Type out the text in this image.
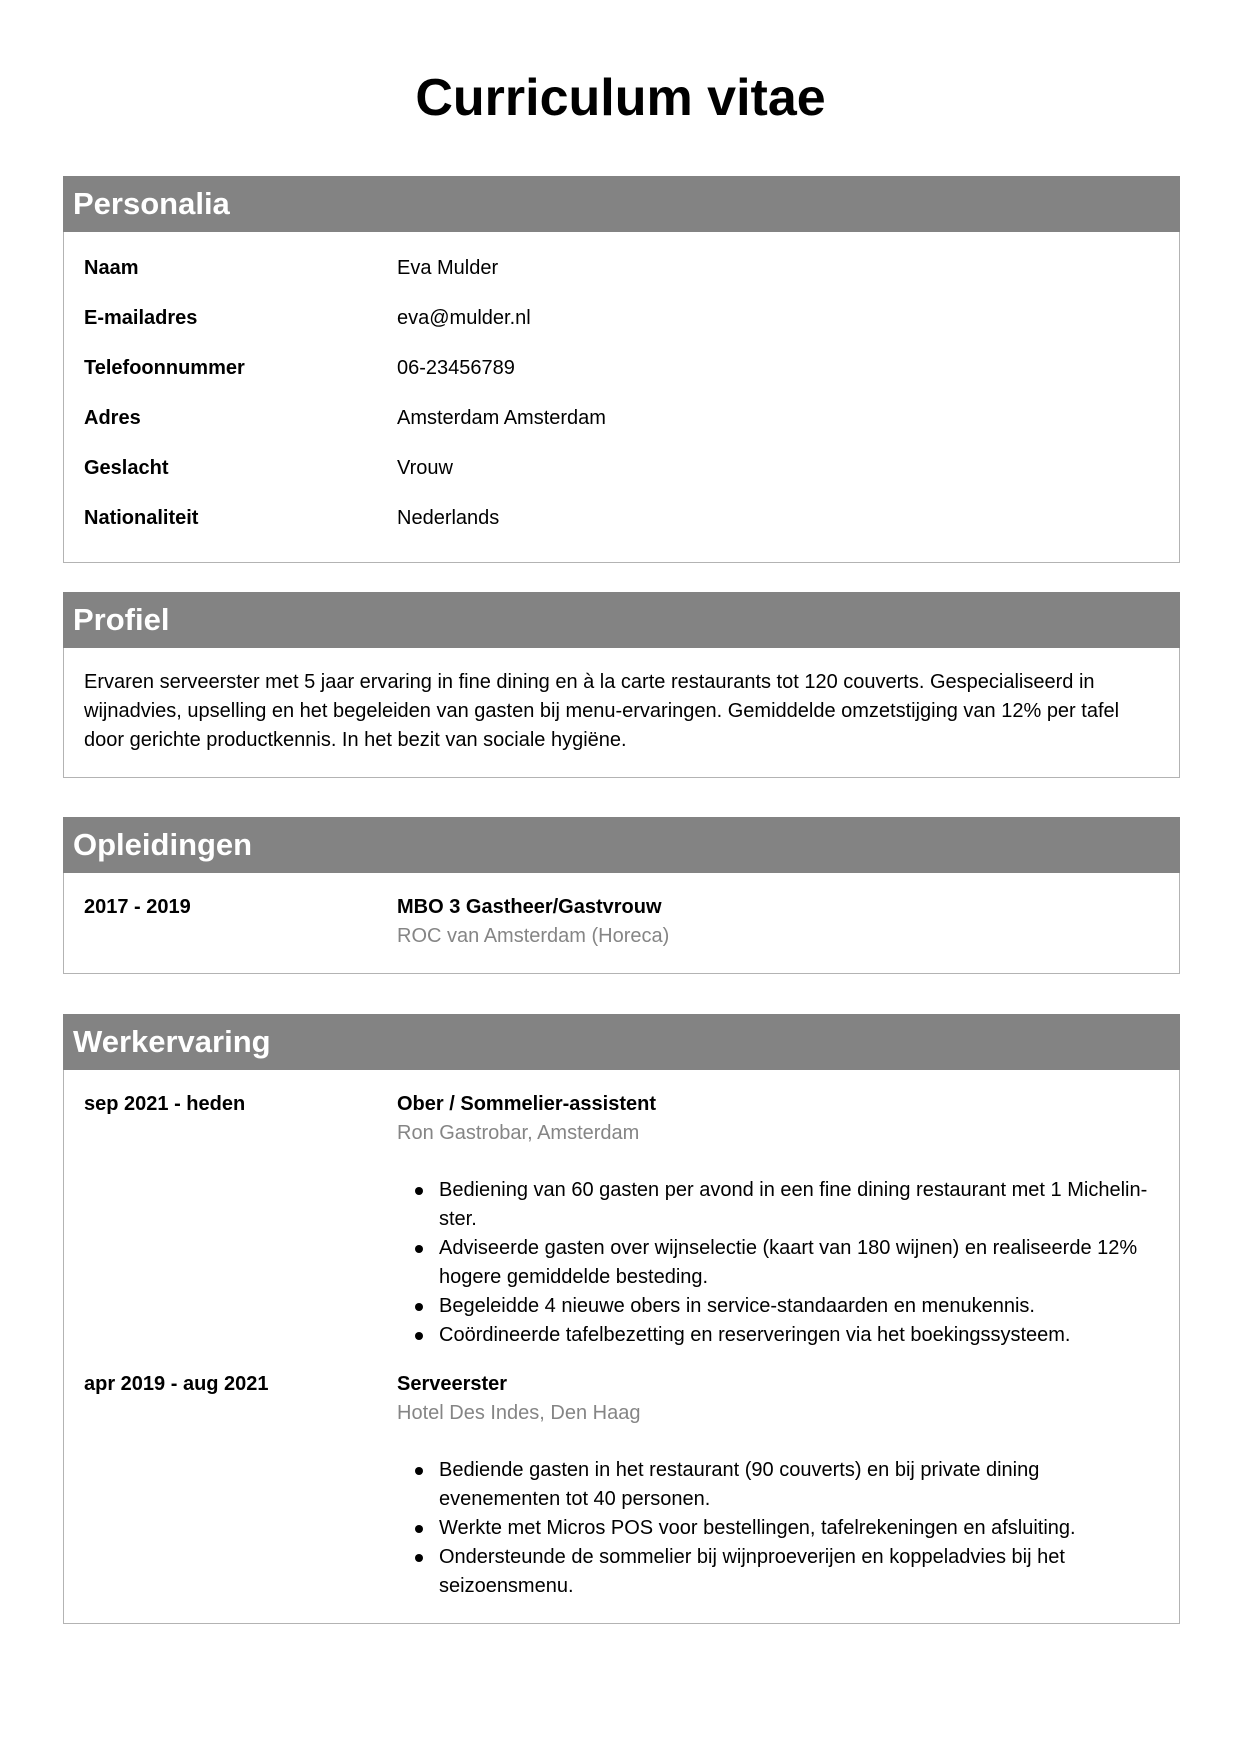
Curriculum vitae
Personalia
Naam	Eva Mulder
E-mailadres	eva@mulder.nl
Telefoonnummer	06-23456789
Adres	Amsterdam Amsterdam
Geslacht	Vrouw
Nationaliteit	Nederlands
Profiel
Ervaren serveerster met 5 jaar ervaring in fine dining en à la carte restaurants tot 120 couverts. Gespecialiseerd in wijnadvies, upselling en het begeleiden van gasten bij menu-ervaringen. Gemiddelde omzetstijging van 12% per tafel door gerichte productkennis. In het bezit van sociale hygiëne.
Opleidingen
2017 - 2019	MBO 3 Gastheer/Gastvrouw
ROC van Amsterdam (Horeca)
Werkervaring
sep 2021 - heden	Ober / Sommelier-assistent
Ron Gastrobar, Amsterdam
Bediening van 60 gasten per avond in een fine dining restaurant met 1 Michelin-ster.
Adviseerde gasten over wijnselectie (kaart van 180 wijnen) en realiseerde 12% hogere gemiddelde besteding.
Begeleidde 4 nieuwe obers in service-standaarden en menukennis.
Coördineerde tafelbezetting en reserveringen via het boekingssysteem.
apr 2019 - aug 2021	Serveerster
Hotel Des Indes, Den Haag
Bediende gasten in het restaurant (90 couverts) en bij private dining evenementen tot 40 personen.
Werkte met Micros POS voor bestellingen, tafelrekeningen en afsluiting.
Ondersteunde de sommelier bij wijnproeverijen en koppeladvies bij het seizoensmenu.
